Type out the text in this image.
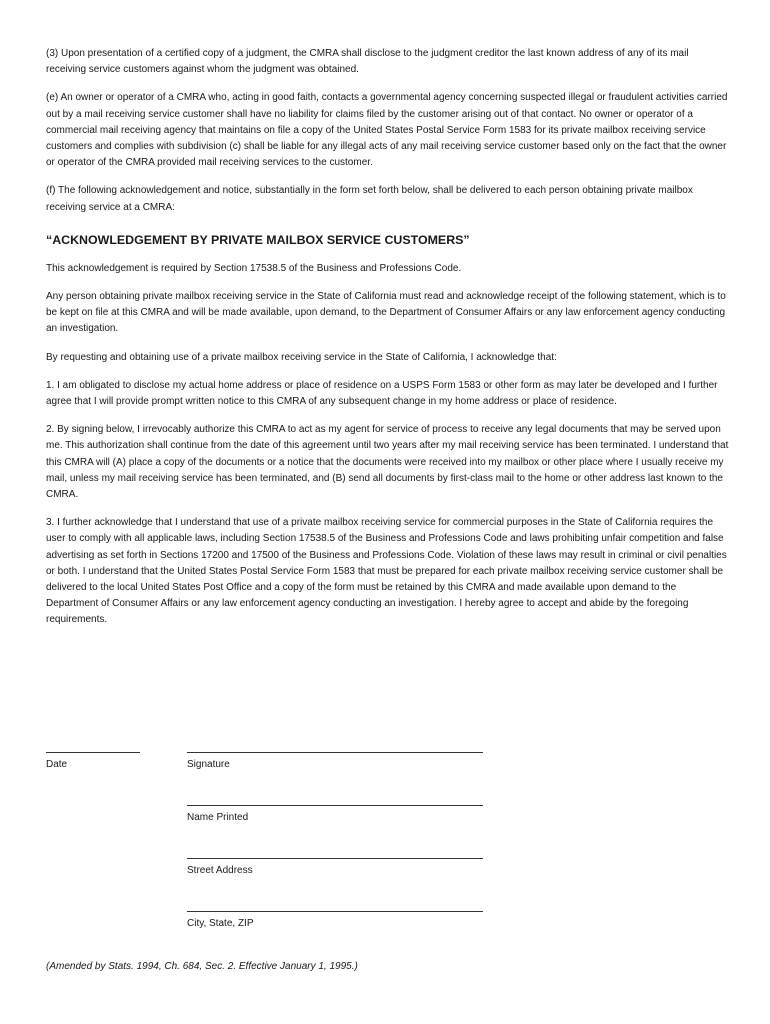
(3) Upon presentation of a certified copy of a judgment, the CMRA shall disclose to the judgment creditor the last known address of any of its mail receiving service customers against whom the judgment was obtained.

(e) An owner or operator of a CMRA who, acting in good faith, contacts a governmental agency concerning suspected illegal or fraudulent activities carried out by a mail receiving service customer shall have no liability for claims filed by the customer arising out of that contact. No owner or operator of a commercial mail receiving agency that maintains on file a copy of the United States Postal Service Form 1583 for its private mailbox receiving service customers and complies with subdivision (c) shall be liable for any illegal acts of any mail receiving service customer based only on the fact that the owner or operator of the CMRA provided mail receiving services to the customer.

(f) The following acknowledgement and notice, substantially in the form set forth below, shall be delivered to each person obtaining private mailbox receiving service at a CMRA:

“ACKNOWLEDGEMENT BY PRIVATE MAILBOX SERVICE CUSTOMERS”

This acknowledgement is required by Section 17538.5 of the Business and Professions Code.

Any person obtaining private mailbox receiving service in the State of California must read and acknowledge receipt of the following statement, which is to be kept on file at this CMRA and will be made available, upon demand, to the Department of Consumer Affairs or any law enforcement agency conducting an investigation.

By requesting and obtaining use of a private mailbox receiving service in the State of California, I acknowledge that:

1. I am obligated to disclose my actual home address or place of residence on a USPS Form 1583 or other form as may later be developed and I further agree that I will provide prompt written notice to this CMRA of any subsequent change in my home address or place of residence.

2. By signing below, I irrevocably authorize this CMRA to act as my agent for service of process to receive any legal documents that may be served upon me. This authorization shall continue from the date of this agreement until two years after my mail receiving service has been terminated. I understand that this CMRA will (A) place a copy of the documents or a notice that the documents were received into my mailbox or other place where I usually receive my mail, unless my mail receiving service has been terminated, and (B) send all documents by first-class mail to the home or other address last known to the CMRA.

3. I further acknowledge that I understand that use of a private mailbox receiving service for commercial purposes in the State of California requires the user to comply with all applicable laws, including Section 17538.5 of the Business and Professions Code and laws prohibiting unfair competition and false advertising as set forth in Sections 17200 and 17500 of the Business and Professions Code. Violation of these laws may result in criminal or civil penalties or both. I understand that the United States Postal Service Form 1583 that must be prepared for each private mailbox receiving service customer shall be delivered to the local United States Post Office and a copy of the form must be retained by this CMRA and made available upon demand to the Department of Consumer Affairs or any law enforcement agency conducting an investigation. I hereby agree to accept and abide by the foregoing requirements.

Date	Signature
Name Printed
Street Address
City, State, ZIP
(Amended by Stats. 1994, Ch. 684, Sec. 2. Effective January 1, 1995.)
